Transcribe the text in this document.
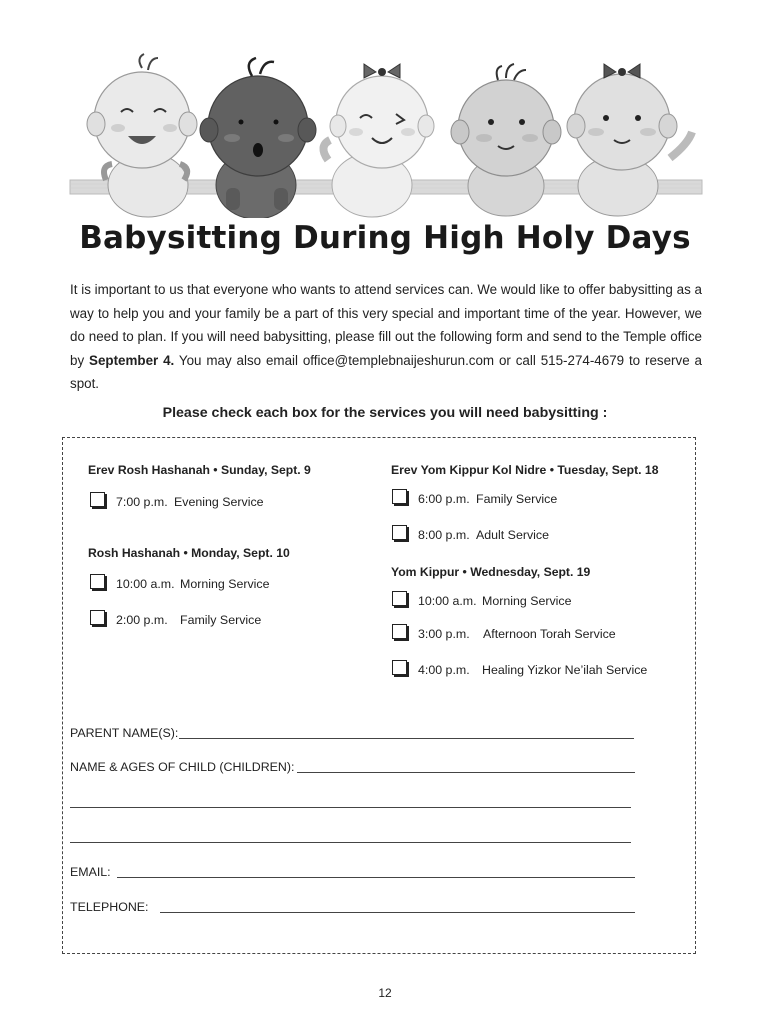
Babysitting During High Holy Days
It is important to us that everyone who wants to attend services can. We would like to offer babysitting as a way to help you and your family be a part of this very special and important time of the year. However, we do need to plan. If you will need babysitting, please fill out the following form and send to the Temple office by September 4. You may also email office@templebnaijeshurun.com or call 515-274-4679 to reserve a spot.
Please check each box for the services you will need babysitting :
Erev Rosh Hashanah • Sunday, Sept. 9
7:00 p.m. Evening Service
Rosh Hashanah • Monday, Sept. 10
10:00 a.m. Morning Service
2:00 p.m. Family Service
Erev Yom Kippur Kol Nidre • Tuesday, Sept. 18
6:00 p.m. Family Service
8:00 p.m. Adult Service
Yom Kippur • Wednesday, Sept. 19
10:00 a.m. Morning Service
3:00 p.m. Afternoon Torah Service
4:00 p.m. Healing Yizkor Ne’ilah Service
PARENT NAME(S):
NAME & AGES OF CHILD (CHILDREN):
EMAIL:
TELEPHONE:
12
